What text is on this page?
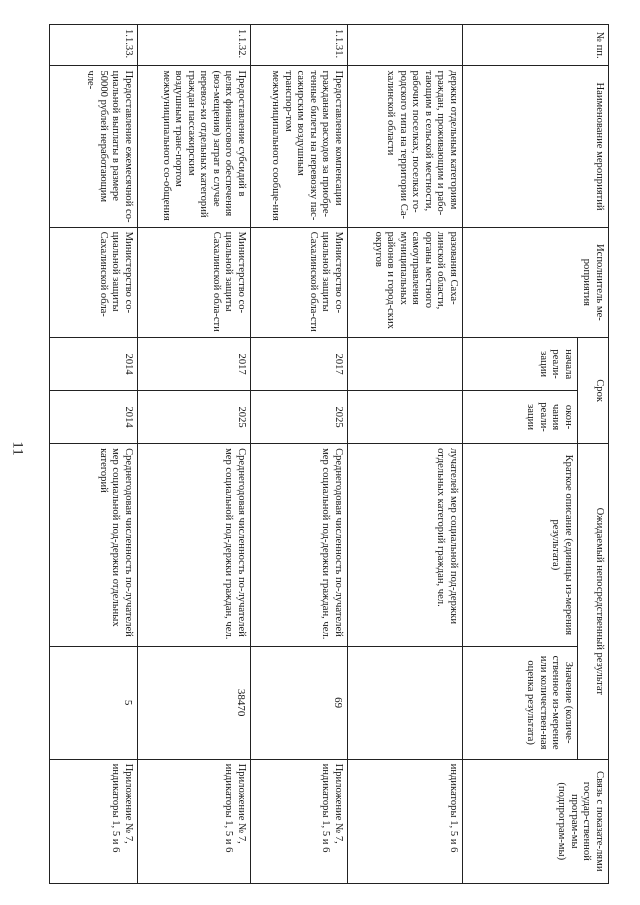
11
№ пп.	Наименование мероприятий	Исполнитель ме-роприятия	Срок		Ожидаемый непосредственный результат		Связь с показате-лями государ-ственной програм-мы (подпрограм-мы)
			начала реали-зации	окон-чания реали-зации	Краткое описание (единицы из-мерения результата)	Значение (количе-ственное из-мерение или количествен-ная оценка результата)	
	держки отдельным категориям граждан, проживающим и рабо-тающим в сельской местности, рабочих поселках, поселках го-родского типа на территории Са-халинской области	разования Саха-линской области, органы местного самоуправления муниципальных районов и город-ских округов			лучателей мер социальной под-держки отдельных категорий граждан, чел.		индикаторы 1, 5 и 6
1.1.31.	Предоставление компенсации гражданам расходов за приобре-тенные билеты на перевозку пас-сажирским воздушным транспор-том межмуниципального сообще-ния	Министерство со-циальной защиты Сахалинской обла-сти	2017	2025	Среднегодовая численность по-лучателей мер социальной под-держки граждан, чел.	69	Приложение № 7, индикаторы 1, 5 и 6
1.1.32.	Предоставление субсидий в целях финансового обеспечения (воз-мещения) затрат в случае перевоз-ки отдельных категорий граждан пассажирским воздушным транс-портом межмуниципального со-общения	Министерство со-циальной защиты Сахалинской обла-сти	2017	2025	Среднегодовая численность по-лучателей мер социальной под-держки граждан, чел.	38470	Приложение № 7, индикаторы 1, 5 и 6
1.1.33.	Предоставление ежемесячной со-циальной выплаты в размере 50000 рублей неработающим чле-	Министерство со-циальной защиты Сахалинской обла-	2014	2014	Среднегодовая численность по-лучателей мер социальной под-держки отдельных категорий	5	Приложение № 7, индикаторы 1, 5 и 6
